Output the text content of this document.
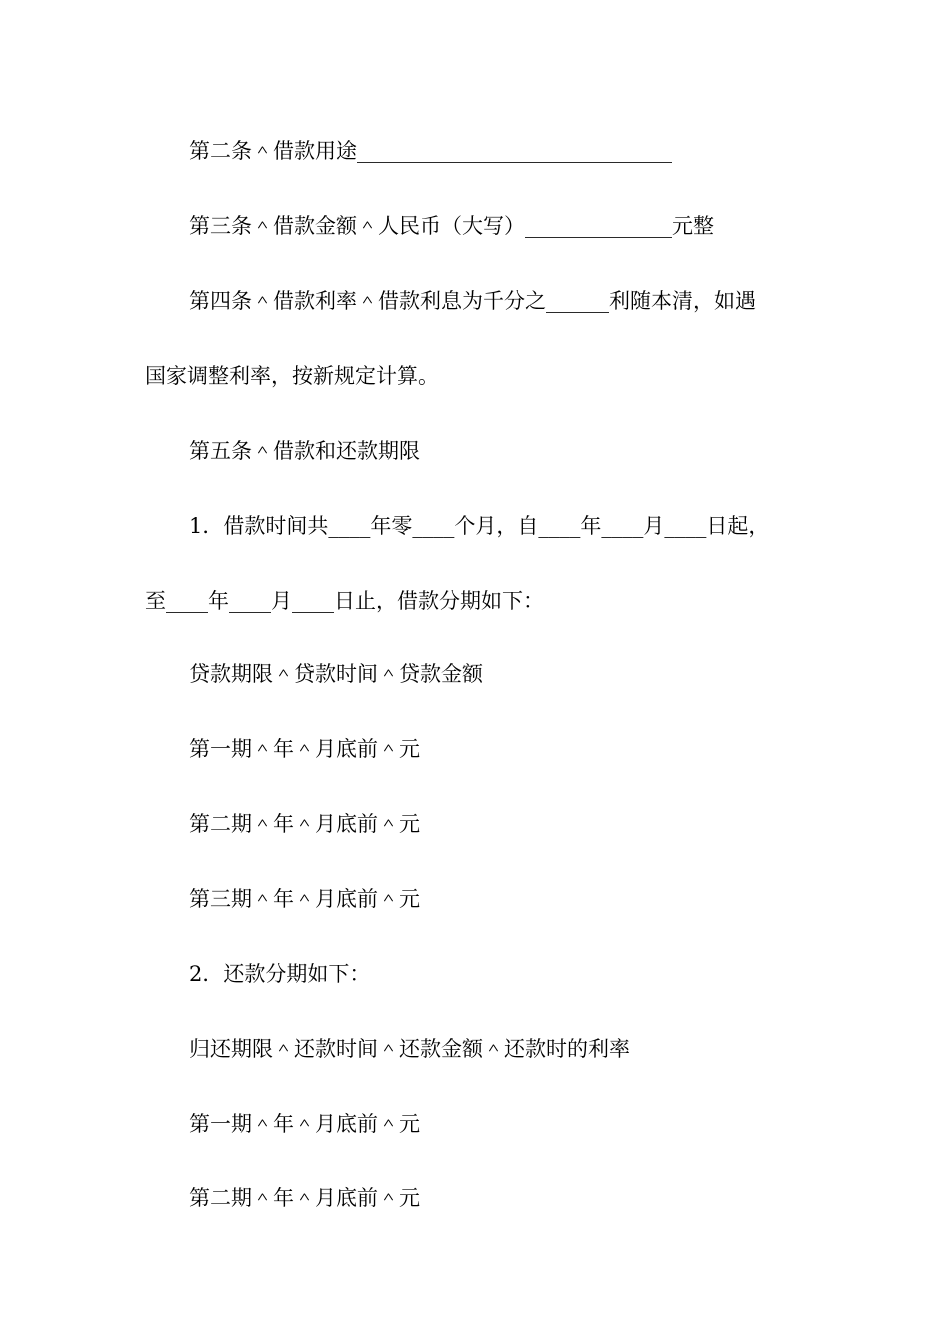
第二条＾借款用途______________________________
第三条＾借款金额＾人民币（大写）______________元整
第四条＾借款利率＾借款利息为千分之______利随本清，如遇
国家调整利率，按新规定计算。
第五条＾借款和还款期限
1．借款时间共____年零____个月，自____年____月____日起，
至____年____月____日止，借款分期如下：
贷款期限＾贷款时间＾贷款金额
第一期＾年＾月底前＾元
第二期＾年＾月底前＾元
第三期＾年＾月底前＾元
2．还款分期如下：
归还期限＾还款时间＾还款金额＾还款时的利率
第一期＾年＾月底前＾元
第二期＾年＾月底前＾元
